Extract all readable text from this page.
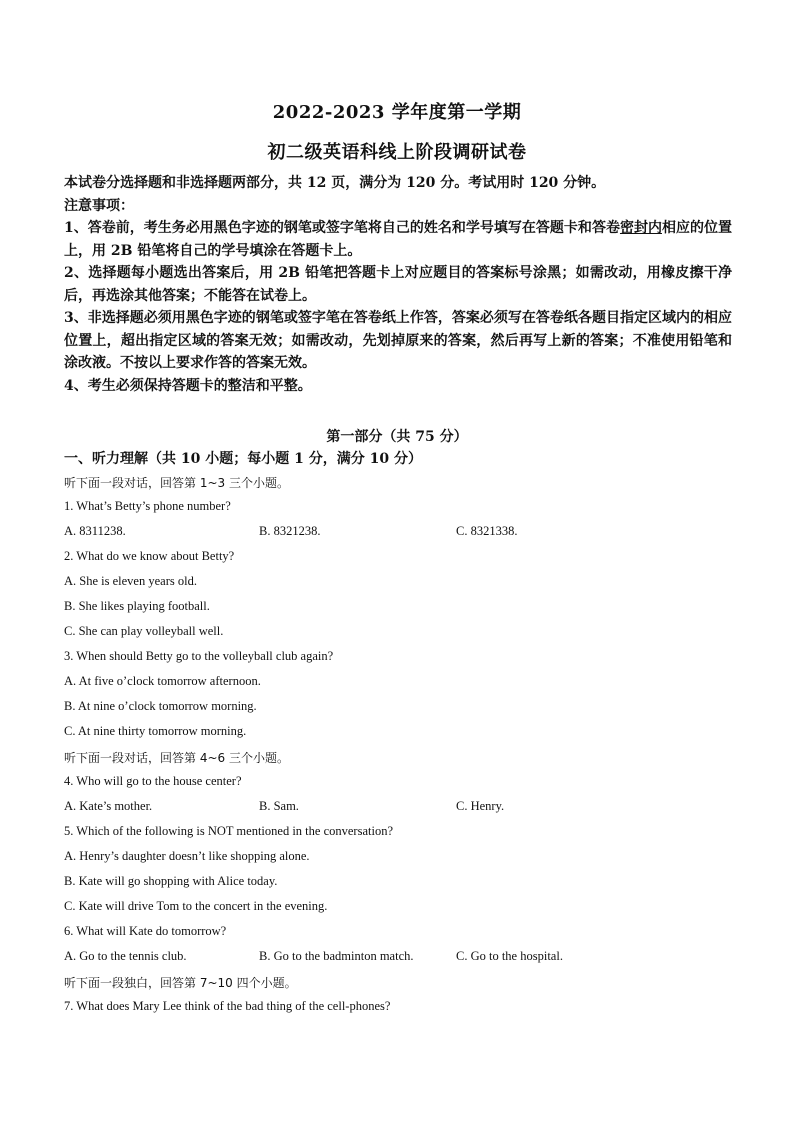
2022-2023 学年度第一学期
初二级英语科线上阶段调研试卷

本试卷分选择题和非选择题两部分，共 12 页，满分为 120 分。考试用时 120 分钟。

注意事项：

1、答卷前，考生务必用黑色字迹的钢笔或签字笔将自己的姓名和学号填写在答题卡和答卷密封内相应的位置上，用 2B 铅笔将自己的学号填涂在答题卡上。

2、选择题每小题选出答案后，用 2B 铅笔把答题卡上对应题目的答案标号涂黑；如需改动，用橡皮擦干净后，再选涂其他答案；不能答在试卷上。

3、非选择题必须用黑色字迹的钢笔或签字笔在答卷纸上作答，答案必须写在答卷纸各题目指定区域内的相应位置上，超出指定区域的答案无效；如需改动，先划掉原来的答案，然后再写上新的答案；不准使用铅笔和涂改液。不按以上要求作答的答案无效。

4、考生必须保持答题卡的整洁和平整。

第一部分（共 75 分）
一、听力理解（共 10 小题；每小题 1 分，满分 10 分）
听下面一段对话，回答第 1~3 三个小题。
1. What’s Betty’s phone number?
A. 8311238.	B. 8321238.	C. 8321338.
2. What do we know about Betty?
A. She is eleven years old.
B. She likes playing football.
C. She can play volleyball well.
3. When should Betty go to the volleyball club again?
A. At five o’clock tomorrow afternoon.
B. At nine o’clock tomorrow morning.
C. At nine thirty tomorrow morning.
听下面一段对话，回答第 4~6 三个小题。
4. Who will go to the house center?
A. Kate’s mother.	B. Sam.	C. Henry.
5. Which of the following is NOT mentioned in the conversation?
A. Henry’s daughter doesn’t like shopping alone.
B. Kate will go shopping with Alice today.
C. Kate will drive Tom to the concert in the evening.
6. What will Kate do tomorrow?
A. Go to the tennis club.	B. Go to the badminton match.	C. Go to the hospital.
听下面一段独白，回答第 7~10 四个小题。
7. What does Mary Lee think of the bad thing of the cell-phones?
